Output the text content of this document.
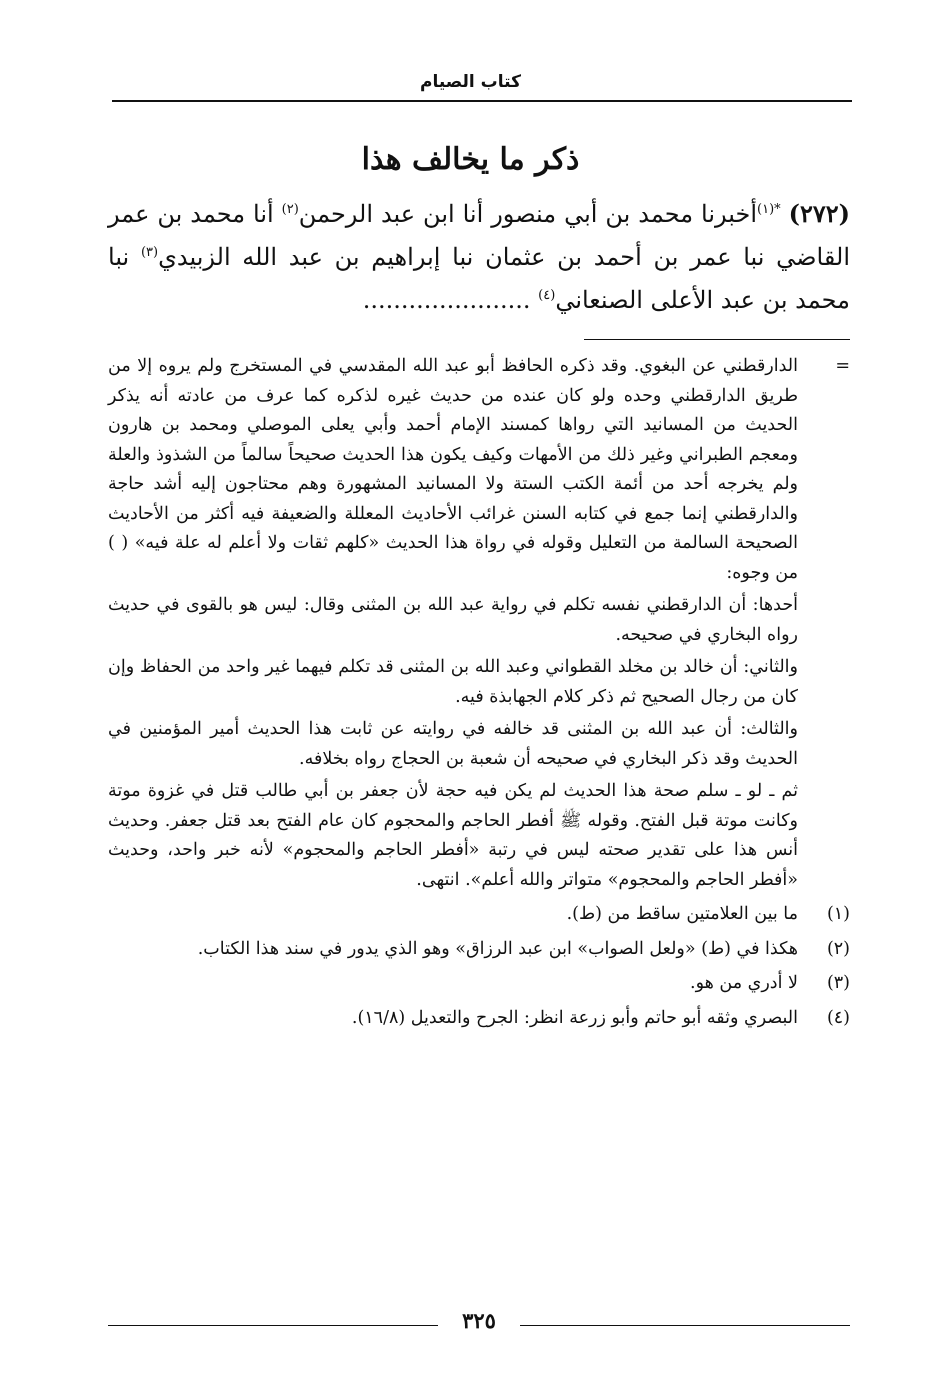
كتاب الصيام
ذكر ما يخالف هذا
(٢٧٢) $^{*(١)}$أخبرنا محمد بن أبي منصور أنا ابن عبد الرحمن$^{(٢)}$ أنا محمد بن عمر القاضي نبا عمر بن أحمد بن عثمان نبا إبراهيم بن عبد الله الزبيدي$^{(٣)}$ نبا محمد بن عبد الأعلى الصنعاني$^{(٤)}$ ......................
=

الدارقطني عن البغوي. وقد ذكره الحافظ أبو عبد الله المقدسي في المستخرج ولم يروه إلا من طريق الدارقطني وحده ولو كان عنده من حديث غيره لذكره كما عرف من عادته أنه يذكر الحديث من المسانيد التي رواها كمسند الإمام أحمد وأبي يعلى الموصلي ومحمد بن هارون ومعجم الطبراني وغير ذلك من الأمهات وكيف يكون هذا الحديث صحيحاً سالماً من الشذوذ والعلة ولم يخرجه أحد من أئمة الكتب الستة ولا المسانيد المشهورة وهم محتاجون إليه أشد حاجة والدارقطني إنما جمع في كتابه السنن غرائب الأحاديث المعللة والضعيفة فيه أكثر من الأحاديث الصحيحة السالمة من التعليل وقوله في رواة هذا الحديث «كلهم ثقات ولا أعلم له علة فيه» ( ) من وجوه:

أحدها: أن الدارقطني نفسه تكلم في رواية عبد الله بن المثنى وقال: ليس هو بالقوى في حديث رواه البخاري في صحيحه.

والثاني: أن خالد بن مخلد القطواني وعبد الله بن المثنى قد تكلم فيهما غير واحد من الحفاظ وإن كان من رجال الصحيح ثم ذكر كلام الجهابذة فيه.

والثالث: أن عبد الله بن المثنى قد خالفه في روايته عن ثابت هذا الحديث أمير المؤمنين في الحديث وقد ذكر البخاري في صحيحه أن شعبة بن الحجاج رواه بخلافه.

ثم ـ لو ـ سلم صحة هذا الحديث لم يكن فيه حجة لأن جعفر بن أبي طالب قتل في غزوة موتة وكانت موتة قبل الفتح. وقوله ﷺ أفطر الحاجم والمحجوم كان عام الفتح بعد قتل جعفر. وحديث أنس هذا على تقدير صحته ليس في رتبة «أفطر الحاجم والمحجوم» لأنه خبر واحد، وحديث «أفطر الحاجم والمحجوم» متواتر والله أعلم». انتهى.

(١)
ما بين العلامتين ساقط من (ط).
(٢)
هكذا في (ط) «ولعل الصواب» ابن عبد الرزاق» وهو الذي يدور في سند هذا الكتاب.
(٣)
لا أدري من هو.
(٤)
البصري وثقه أبو حاتم وأبو زرعة انظر: الجرح والتعديل (١٦/٨).
٣٢٥
